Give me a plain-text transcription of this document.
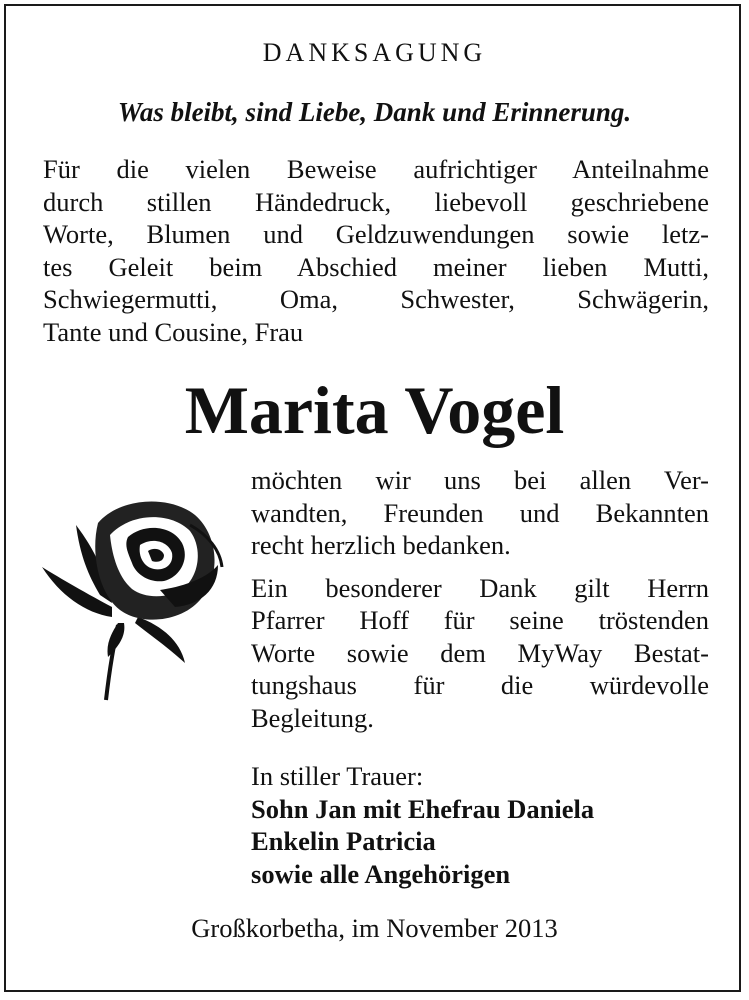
DANKSAGUNG
Was bleibt, sind Liebe, Dank und Erinnerung.
Für die vielen Beweise aufrichtiger Anteilnahme
durch stillen Händedruck, liebevoll geschriebene
Worte, Blumen und Geldzuwendungen sowie letz-
tes Geleit beim Abschied meiner lieben Mutti,
Schwiegermutti, Oma, Schwester, Schwägerin,
Tante und Cousine, Frau
Marita Vogel
möchten wir uns bei allen Ver-
wandten, Freunden und Bekannten
recht herzlich bedanken.
Ein besonderer Dank gilt Herrn
Pfarrer Hoff für seine tröstenden
Worte sowie dem MyWay Bestat-
tungshaus für die würdevolle
Begleitung.
In stiller Trauer:
Sohn Jan mit Ehefrau Daniela
Enkelin Patricia
sowie alle Angehörigen
Großkorbetha, im November 2013
